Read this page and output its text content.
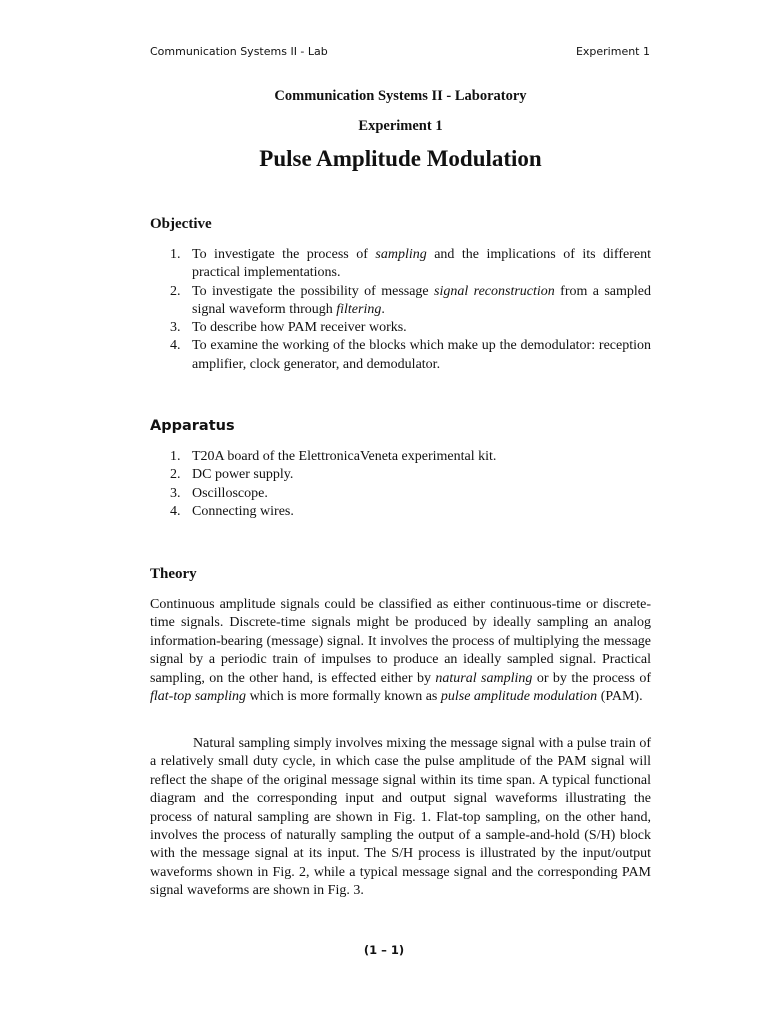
Communication Systems II - Lab	Experiment 1
Communication Systems II - Laboratory
Experiment 1
Pulse Amplitude Modulation
Objective
1. To investigate the process of sampling and the implications of its different practical implementations.
2. To investigate the possibility of message signal reconstruction from a sampled signal waveform through filtering.
3. To describe how PAM receiver works.
4. To examine the working of the blocks which make up the demodulator: reception amplifier, clock generator, and demodulator.
Apparatus
1. T20A board of the ElettronicaVeneta experimental kit.
2. DC power supply.
3. Oscilloscope.
4. Connecting wires.
Theory

Continuous amplitude signals could be classified as either continuous-time or discrete-time signals. Discrete-time signals might be produced by ideally sampling an analog information-bearing (message) signal. It involves the process of multiplying the message signal by a periodic train of impulses to produce an ideally sampled signal. Practical sampling, on the other hand, is effected either by natural sampling or by the process of flat-top sampling which is more formally known as pulse amplitude modulation (PAM).

Natural sampling simply involves mixing the message signal with a pulse train of a relatively small duty cycle, in which case the pulse amplitude of the PAM signal will reflect the shape of the original message signal within its time span. A typical functional diagram and the corresponding input and output signal waveforms illustrating the process of natural sampling are shown in Fig. 1. Flat-top sampling, on the other hand, involves the process of naturally sampling the output of a sample-and-hold (S/H) block with the message signal at its input. The S/H process is illustrated by the input/output waveforms shown in Fig. 2, while a typical message signal and the corresponding PAM signal waveforms are shown in Fig. 3.

(1 – 1)
